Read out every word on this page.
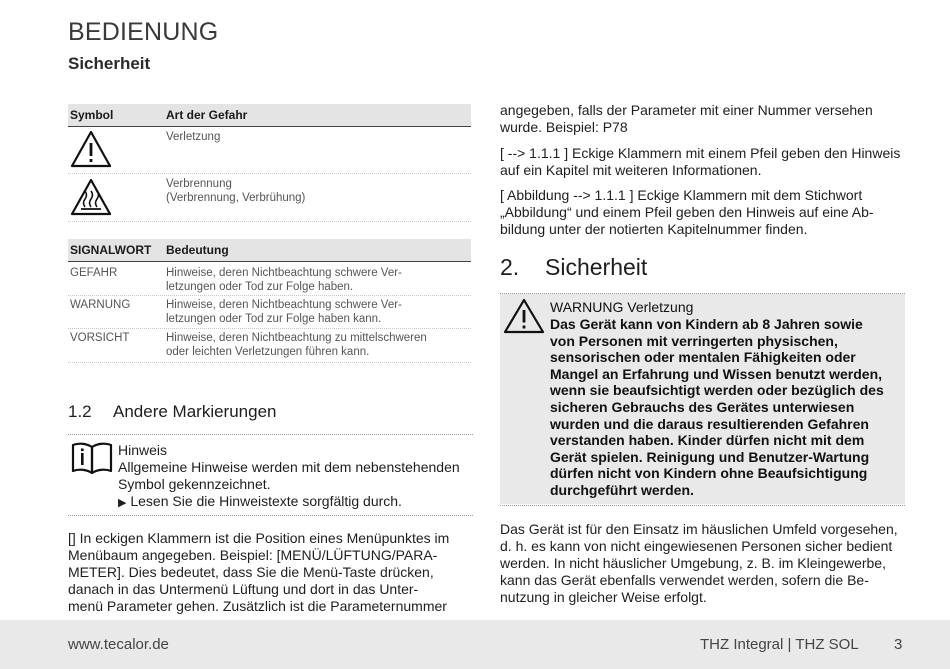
BEDIENUNG
Sicherheit
Symbol	Art der Gefahr
Verletzung
Verbrennung
(Verbrennung, Verbrühung)
SIGNALWORT Bedeutung
GEFAHR	Hinweise, deren Nichtbeachtung schwere Ver-
letzungen oder Tod zur Folge haben.
WARNUNG	Hinweise, deren Nichtbeachtung schwere Ver-
letzungen oder Tod zur Folge haben kann.
VORSICHT	Hinweise, deren Nichtbeachtung zu mittelschweren
oder leichten Verletzungen führen kann.
1.2 Andere Markierungen
Hinweis
Allgemeine Hinweise werden mit dem nebenstehenden
Symbol gekennzeichnet.
▶ Lesen Sie die Hinweistexte sorgfältig durch.
[] In eckigen Klammern ist die Position eines Menüpunktes im
Menübaum angegeben. Beispiel: [MENÜ/LÜFTUNG/PARA-
METER]. Dies bedeutet, dass Sie die Menü-Taste drücken,
danach in das Untermenü Lüftung und dort in das Unter-
menü Parameter gehen. Zusätzlich ist die Parameternummer
angegeben, falls der Parameter mit einer Nummer versehen
wurde. Beispiel: P78
[ --> 1.1.1 ] Eckige Klammern mit einem Pfeil geben den Hinweis
auf ein Kapitel mit weiteren Informationen.
[ Abbildung --> 1.1.1 ] Eckige Klammern mit dem Stichwort
„Abbildung“ und einem Pfeil geben den Hinweis auf eine Ab-
bildung unter der notierten Kapitelnummer finden.
2. Sicherheit
WARNUNG Verletzung
Das Gerät kann von Kindern ab 8 Jahren sowie
von Personen mit verringerten physischen,
sensorischen oder mentalen Fähigkeiten oder
Mangel an Erfahrung und Wissen benutzt werden,
wenn sie beaufsichtigt werden oder bezüglich des
sicheren Gebrauchs des Gerätes unterwiesen
wurden und die daraus resultierenden Gefahren
verstanden haben. Kinder dürfen nicht mit dem
Gerät spielen. Reinigung und Benutzer-Wartung
dürfen nicht von Kindern ohne Beaufsichtigung
durchgeführt werden.
Das Gerät ist für den Einsatz im häuslichen Umfeld vorgesehen,
d. h. es kann von nicht eingewiesenen Personen sicher bedient
werden. In nicht häuslicher Umgebung, z. B. im Kleingewerbe,
kann das Gerät ebenfalls verwendet werden, sofern die Be-
nutzung in gleicher Weise erfolgt.
www.tecalor.de	THZ Integral | THZ SOL 3
